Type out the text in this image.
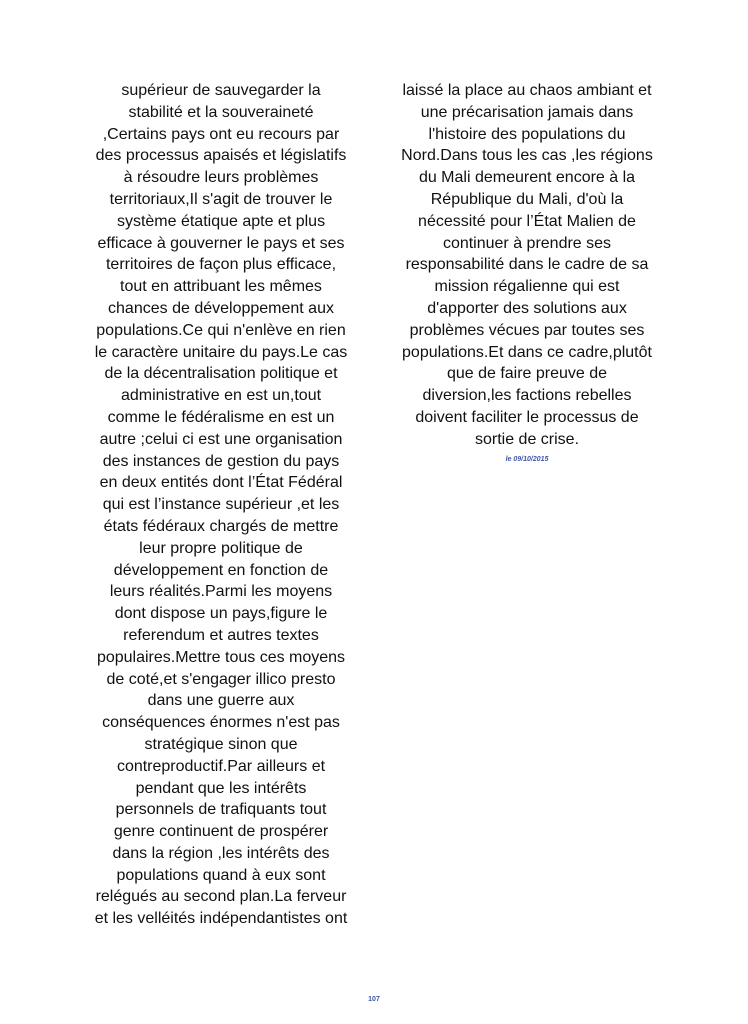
supérieur de sauvegarder la
stabilité et la souveraineté
,Certains pays ont eu recours par
des processus apaisés et législatifs
à résoudre leurs problèmes
territoriaux,Il s'agit de trouver le
système étatique apte et plus
efficace à gouverner le pays et ses
territoires de façon plus efficace,
tout en attribuant les mêmes
chances de développement aux
populations.Ce qui n'enlève en rien
le caractère unitaire du pays.Le cas
de la décentralisation politique et
administrative en est un,tout
comme le fédéralisme en est un
autre ;celui ci est une organisation
des instances de gestion du pays
en deux entités dont l’État Fédéral
qui est l’instance supérieur ,et les
états fédéraux chargés de mettre
leur propre politique de
développement en fonction de
leurs réalités.Parmi les moyens
dont dispose un pays,figure le
referendum et autres textes
populaires.Mettre tous ces moyens
de coté,et s'engager illico presto
dans une guerre aux
conséquences énormes n'est pas
stratégique sinon que
contreproductif.Par ailleurs et
pendant que les intérêts
personnels de trafiquants tout
genre continuent de prospérer
dans la région ,les intérêts des
populations quand à eux sont
relégués au second plan.La ferveur
et les velléités indépendantistes ont
laissé la place au chaos ambiant et
une précarisation jamais dans
l'histoire des populations du
Nord.Dans tous les cas ,les régions
du Mali demeurent encore à la
République du Mali, d'où la
nécessité pour l’État Malien de
continuer à prendre ses
responsabilité dans le cadre de sa
mission régalienne qui est
d'apporter des solutions aux
problèmes vécues par toutes ses
populations.Et dans ce cadre,plutôt
que de faire preuve de
diversion,les factions rebelles
doivent faciliter le processus de
sortie de crise.
le 09/10/2015
107
